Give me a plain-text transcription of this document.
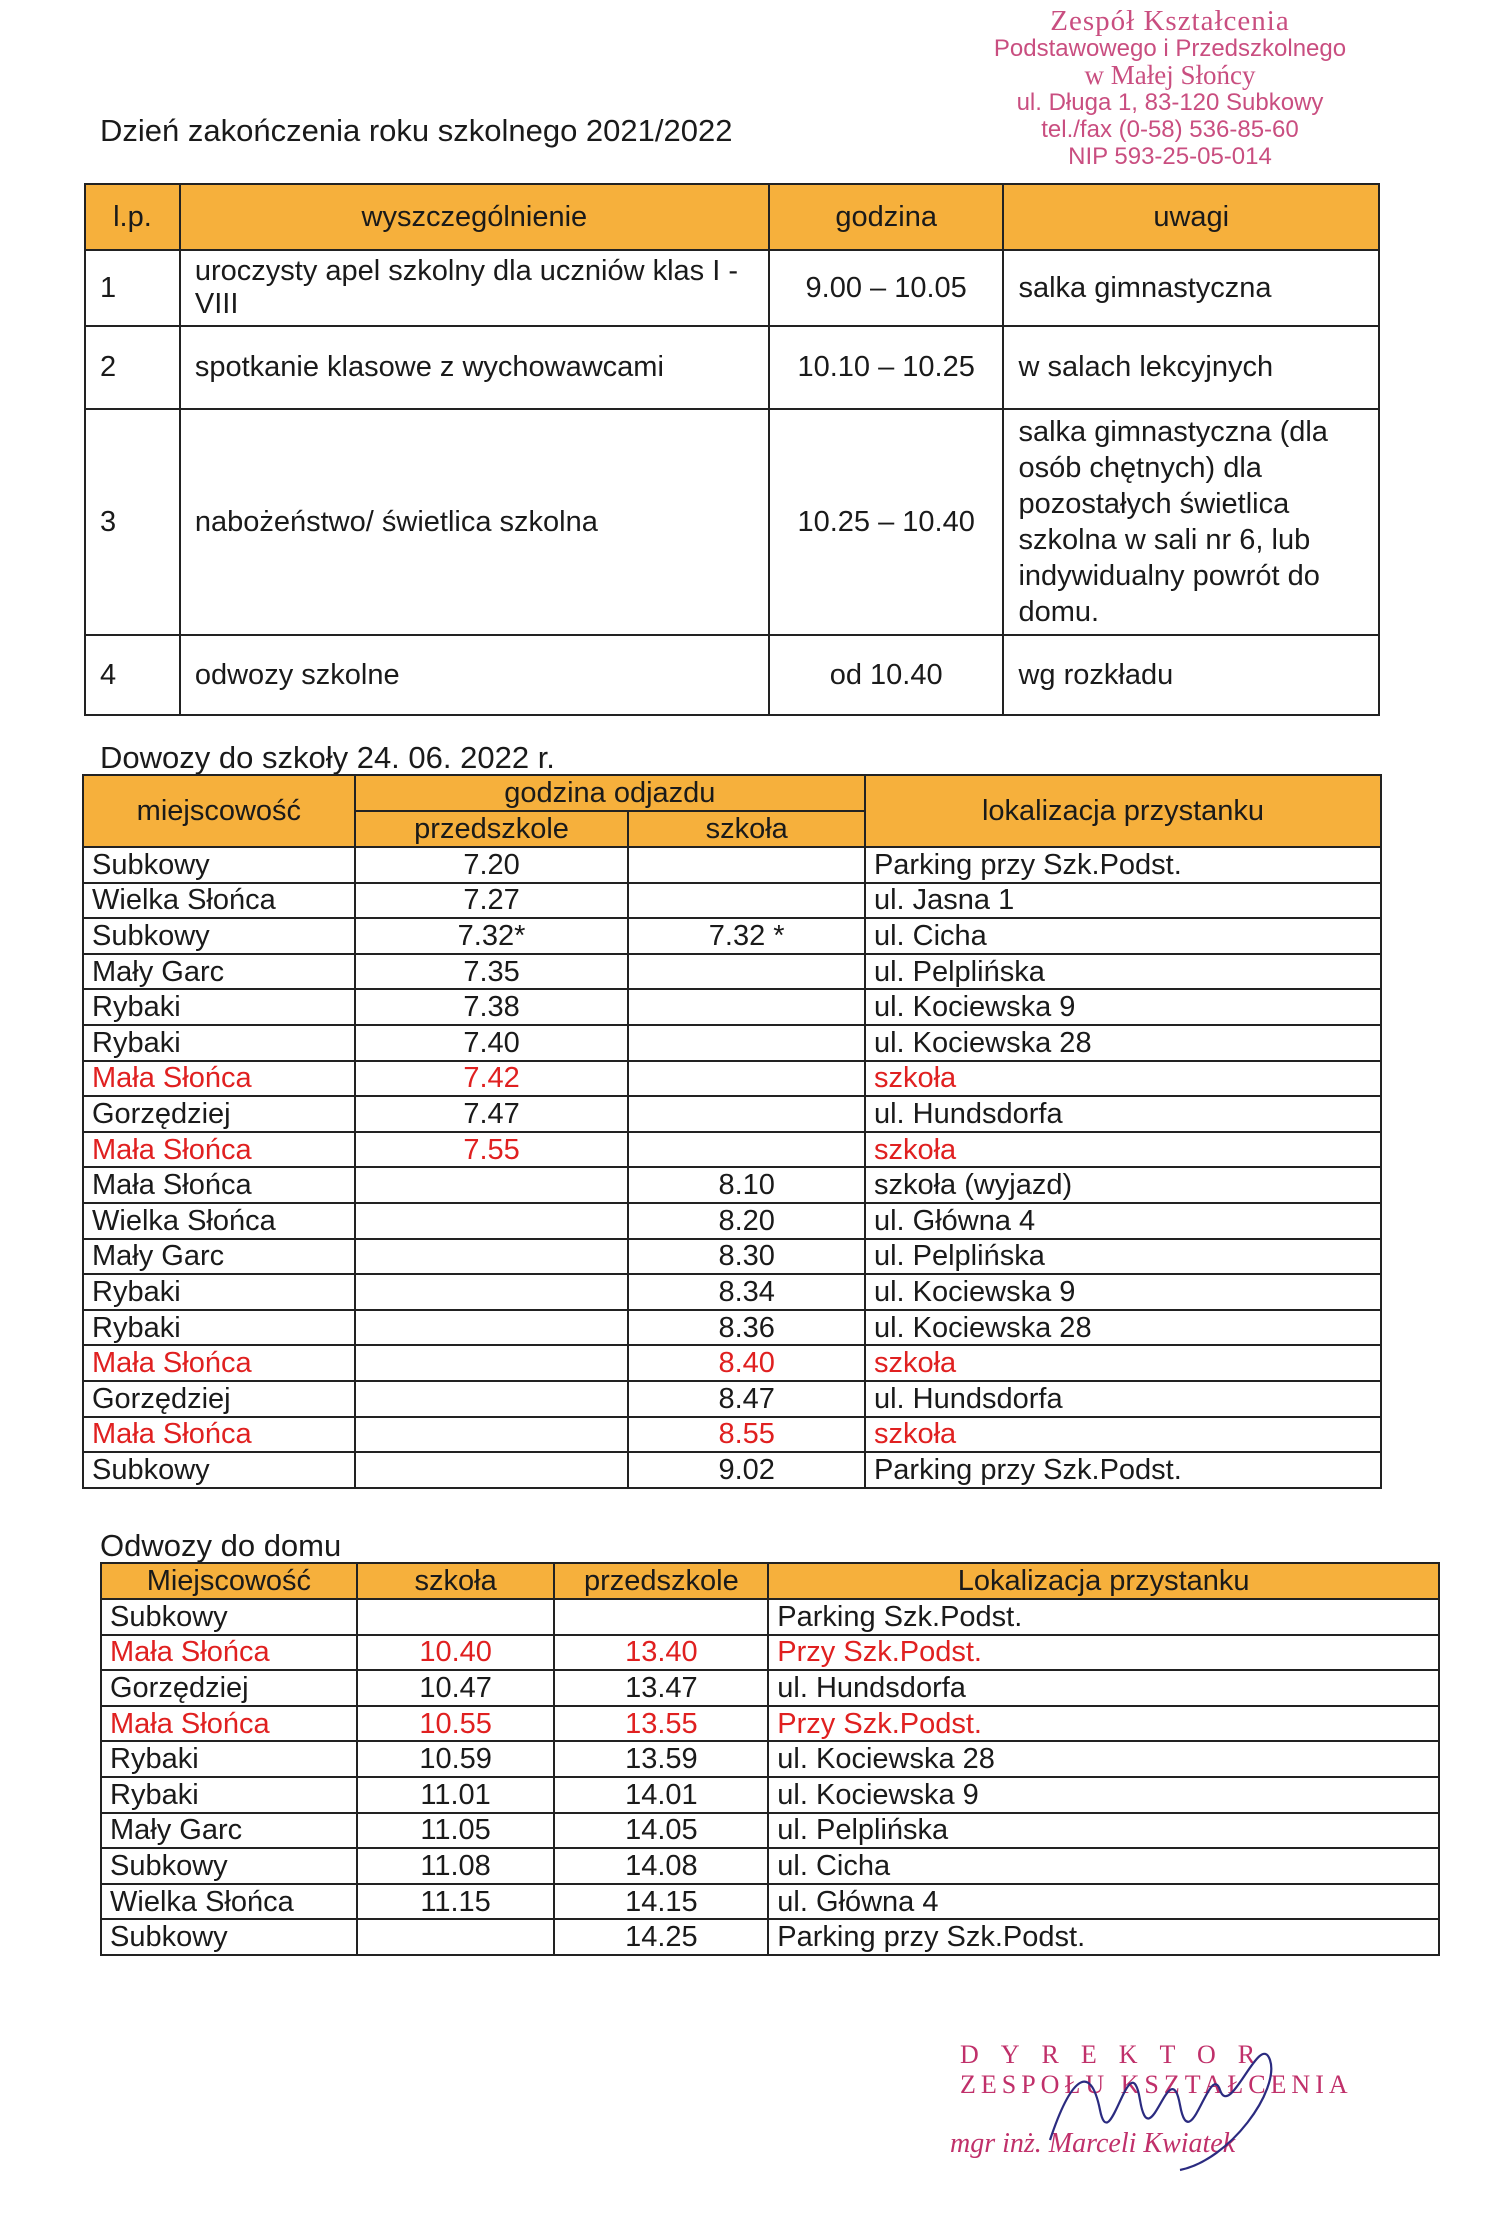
Zespół Kształcenia
Podstawowego i Przedszkolnego
w Małej Słońcy
ul. Długa 1, 83-120 Subkowy
tel./fax (0-58) 536-85-60
NIP 593-25-05-014
Dzień zakończenia roku szkolnego 2021/2022
l.p.	wyszczególnienie	godzina	uwagi
1	uroczysty apel szkolny dla uczniów klas I - VIII	9.00 – 10.05	salka gimnastyczna
2	spotkanie klasowe z wychowawcami	10.10 – 10.25	w salach lekcyjnych
3	nabożeństwo/ świetlica szkolna	10.25 – 10.40	salka gimnastyczna (dla osób chętnych) dla pozostałych świetlica szkolna w sali nr 6, lub indywidualny powrót do domu.
4	odwozy szkolne	od 10.40	wg rozkładu
Dowozy do szkoły 24. 06. 2022 r.
miejscowość	godzina odjazdu		lokalizacja przystanku
	przedszkole	szkoła	
Subkowy	7.20		Parking przy Szk.Podst.
Wielka Słońca	7.27		ul. Jasna 1
Subkowy	7.32*	7.32 *	ul. Cicha
Mały Garc	7.35		ul. Pelplińska
Rybaki	7.38		ul. Kociewska 9
Rybaki	7.40		ul. Kociewska 28
Mała Słońca	7.42		szkoła
Gorzędziej	7.47		ul. Hundsdorfa
Mała Słońca	7.55		szkoła
Mała Słońca		8.10	szkoła (wyjazd)
Wielka Słońca		8.20	ul. Główna 4
Mały Garc		8.30	ul. Pelplińska
Rybaki		8.34	ul. Kociewska 9
Rybaki		8.36	ul. Kociewska 28
Mała Słońca		8.40	szkoła
Gorzędziej		8.47	ul. Hundsdorfa
Mała Słońca		8.55	szkoła
Subkowy		9.02	Parking przy Szk.Podst.
Odwozy do domu
Miejscowość	szkoła	przedszkole	Lokalizacja przystanku
Subkowy			Parking Szk.Podst.
Mała Słońca	10.40	13.40	Przy Szk.Podst.
Gorzędziej	10.47	13.47	ul. Hundsdorfa
Mała Słońca	10.55	13.55	Przy Szk.Podst.
Rybaki	10.59	13.59	ul. Kociewska 28
Rybaki	11.01	14.01	ul. Kociewska 9
Mały Garc	11.05	14.05	ul. Pelplińska
Subkowy	11.08	14.08	ul. Cicha
Wielka Słońca	11.15	14.15	ul. Główna 4
Subkowy		14.25	Parking przy Szk.Podst.
DYREKTOR
ZESPOŁU KSZTAŁCENIA
mgr inż. Marceli Kwiatek
